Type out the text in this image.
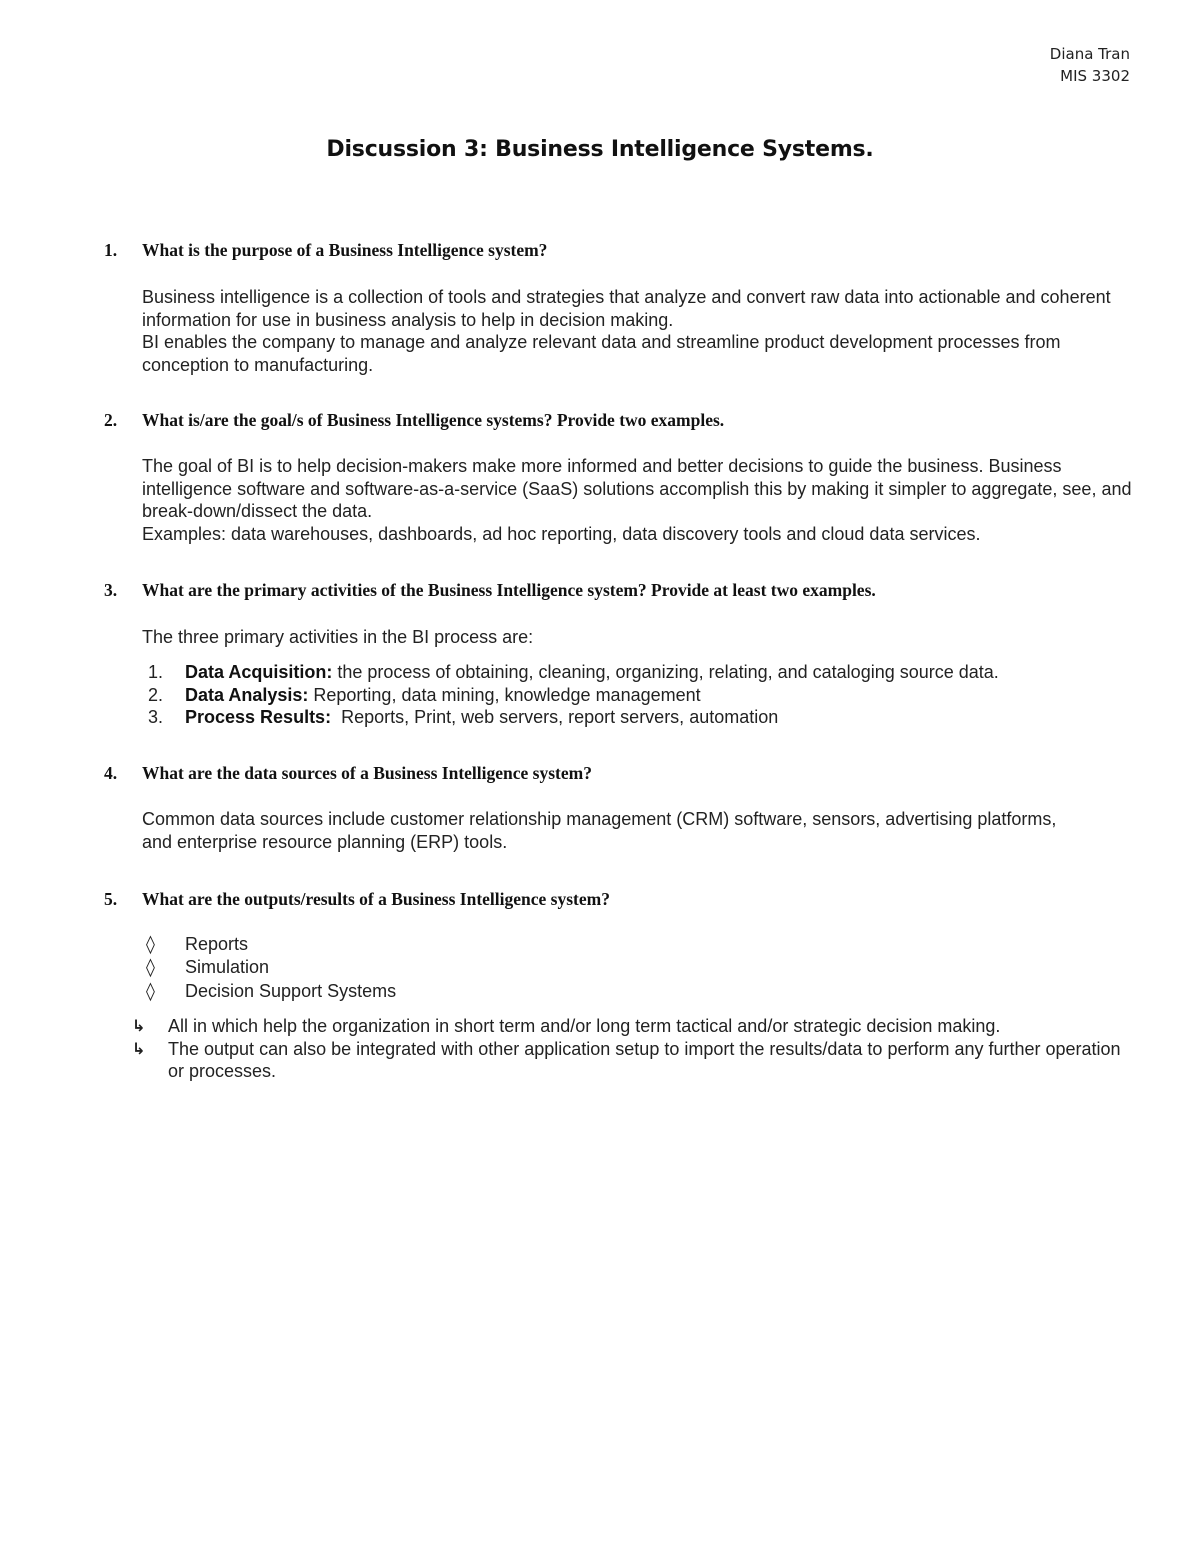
Diana Tran
MIS 3302
Discussion 3: Business Intelligence Systems.
1. What is the purpose of a Business Intelligence system?
Business intelligence is a collection of tools and strategies that analyze and convert raw data into actionable and coherent information for use in business analysis to help in decision making.
BI enables the company to manage and analyze relevant data and streamline product development processes from conception to manufacturing.
2. What is/are the goal/s of Business Intelligence systems? Provide two examples.
The goal of BI is to help decision-makers make more informed and better decisions to guide the business. Business intelligence software and software-as-a-service (SaaS) solutions accomplish this by making it simpler to aggregate, see, and break-down/dissect the data.
Examples: data warehouses, dashboards, ad hoc reporting, data discovery tools and cloud data services.
3. What are the primary activities of the Business Intelligence system? Provide at least two examples.
The three primary activities in the BI process are:
1. Data Acquisition: the process of obtaining, cleaning, organizing, relating, and cataloging source data.
2. Data Analysis: Reporting, data mining, knowledge management
3. Process Results:  Reports, Print, web servers, report servers, automation
4. What are the data sources of a Business Intelligence system?
Common data sources include customer relationship management (CRM) software, sensors, advertising platforms, and enterprise resource planning (ERP) tools.
5. What are the outputs/results of a Business Intelligence system?
◊ Reports
◊ Simulation
◊ Decision Support Systems
↳ All in which help the organization in short term and/or long term tactical and/or strategic decision making.
↳ The output can also be integrated with other application setup to import the results/data to perform any further operation or processes.
